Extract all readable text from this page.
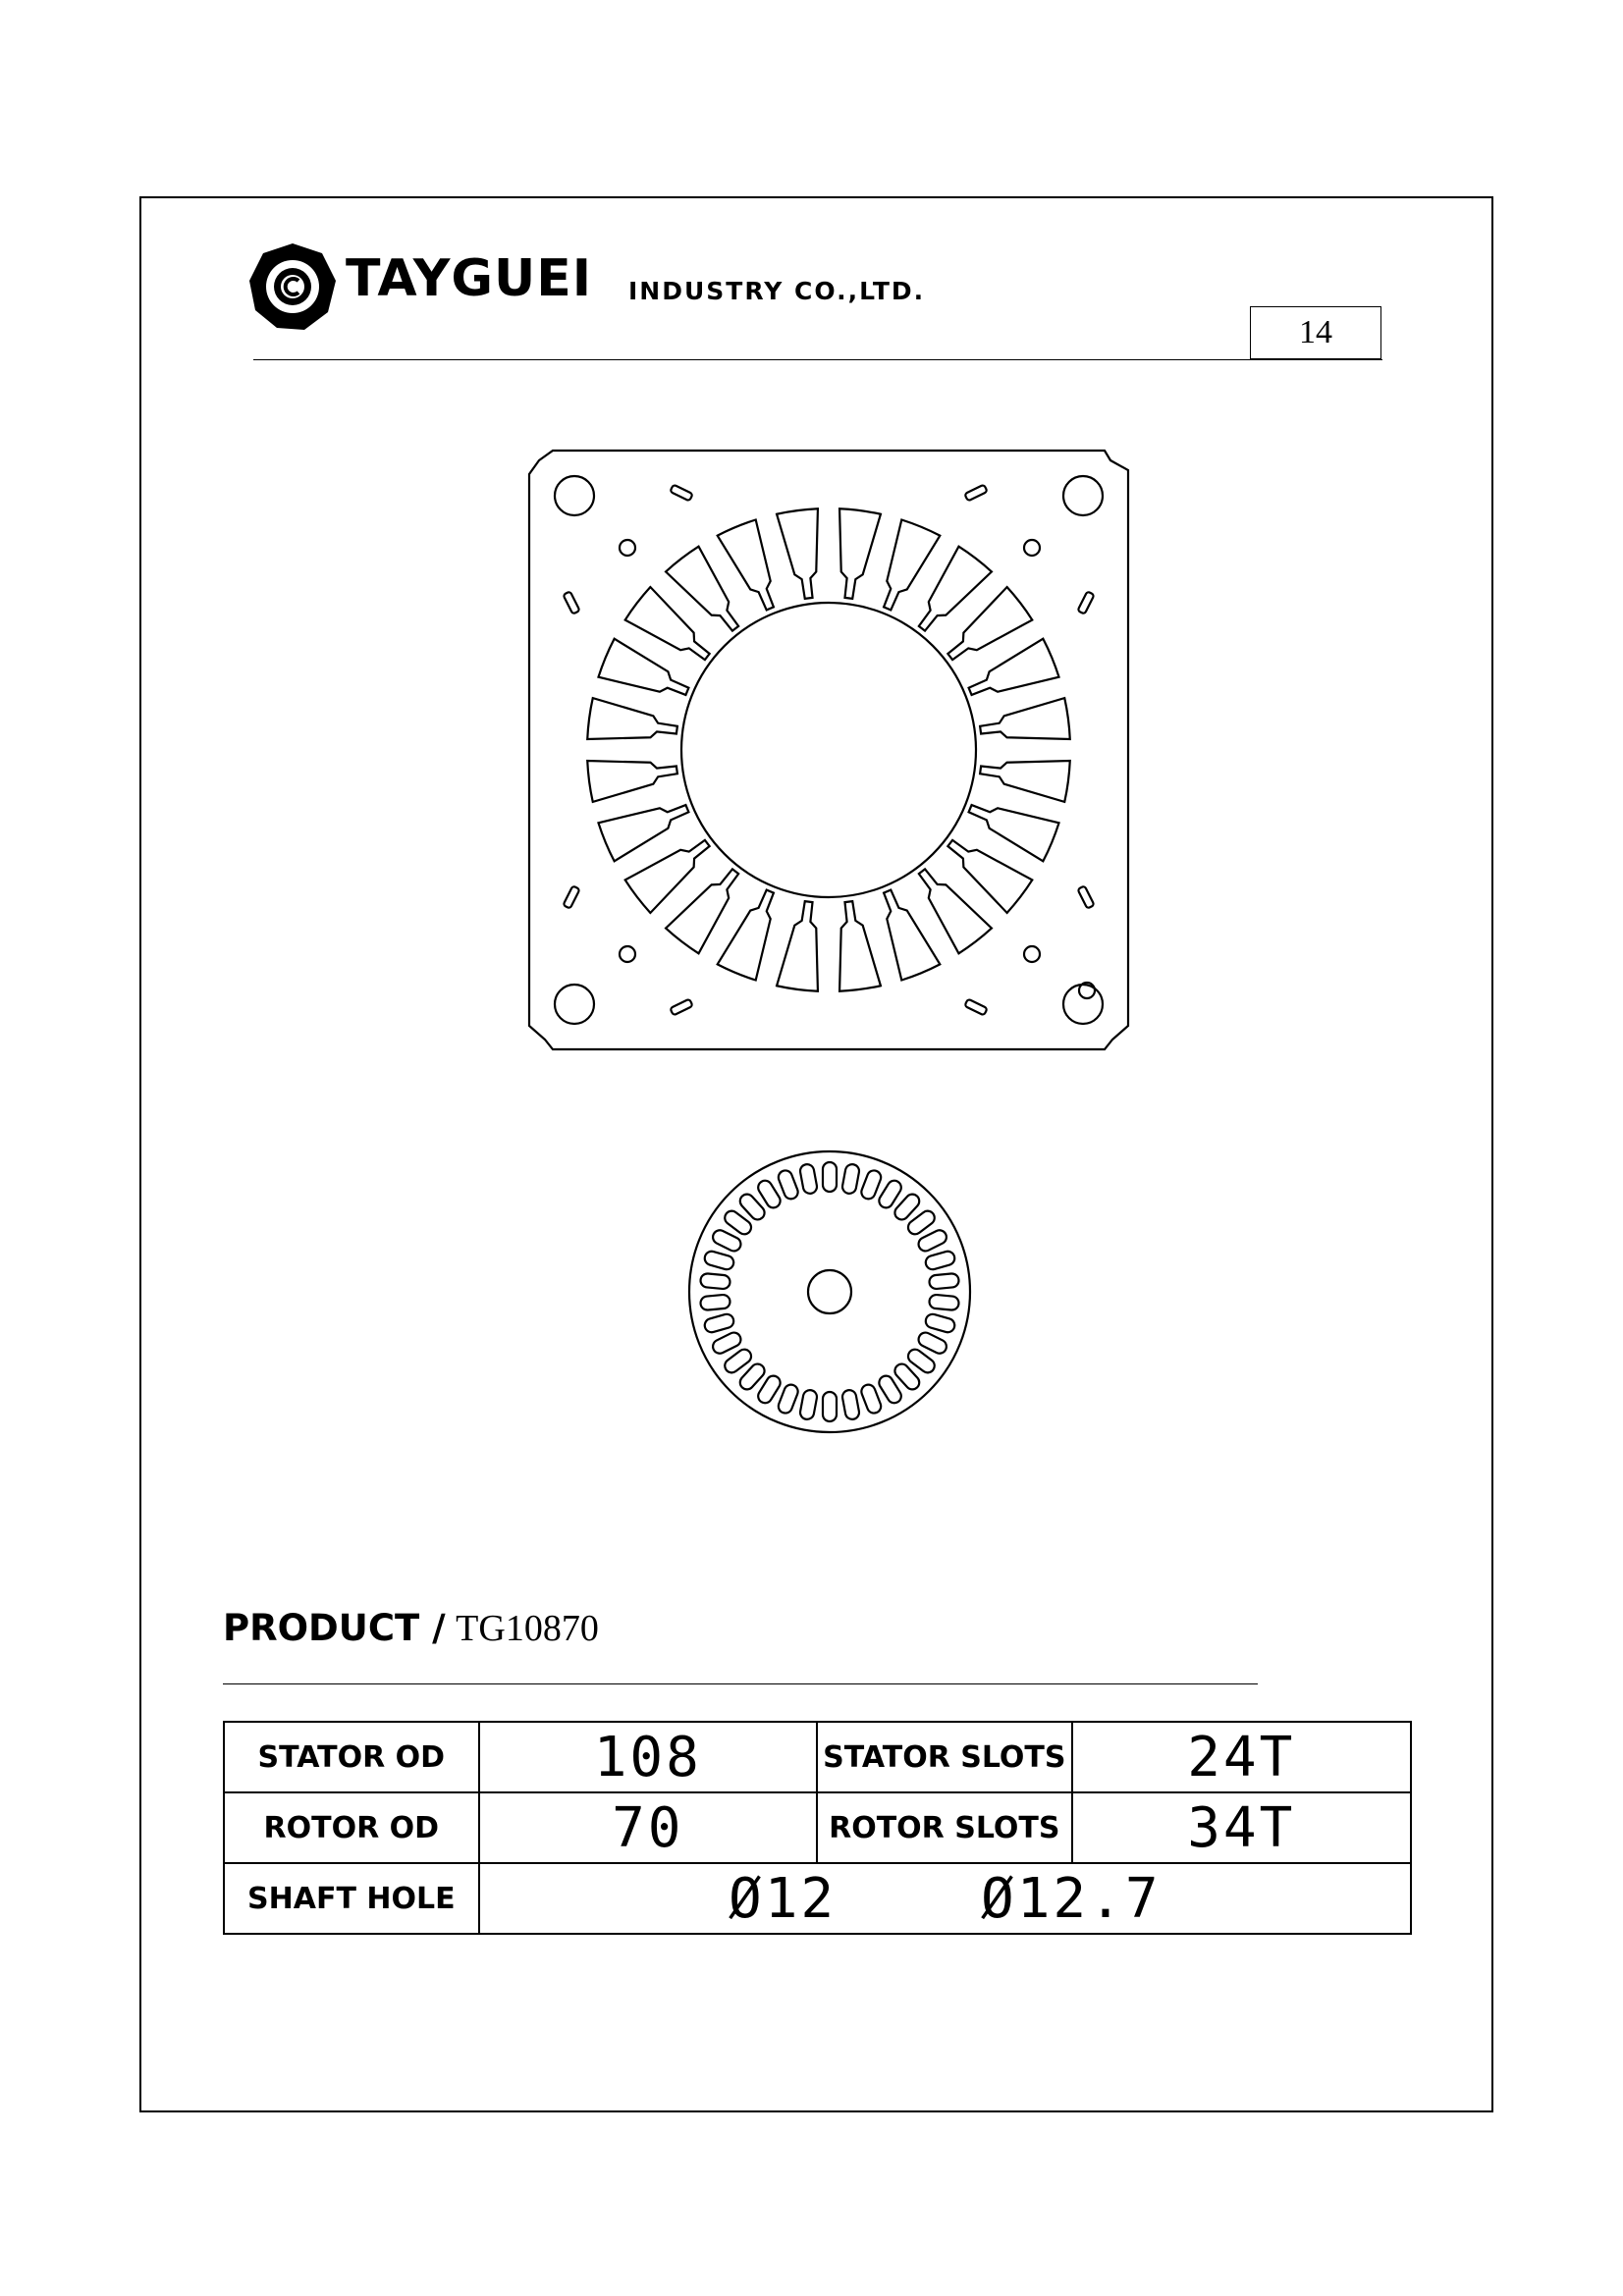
TAYGUEI INDUSTRY CO.,LTD.
14
PRODUCT / TG10870
STATOR OD	108	STATOR SLOTS	24T
ROTOR OD	70	ROTOR SLOTS	34T
SHAFT HOLE	Ø12    Ø12.7		
